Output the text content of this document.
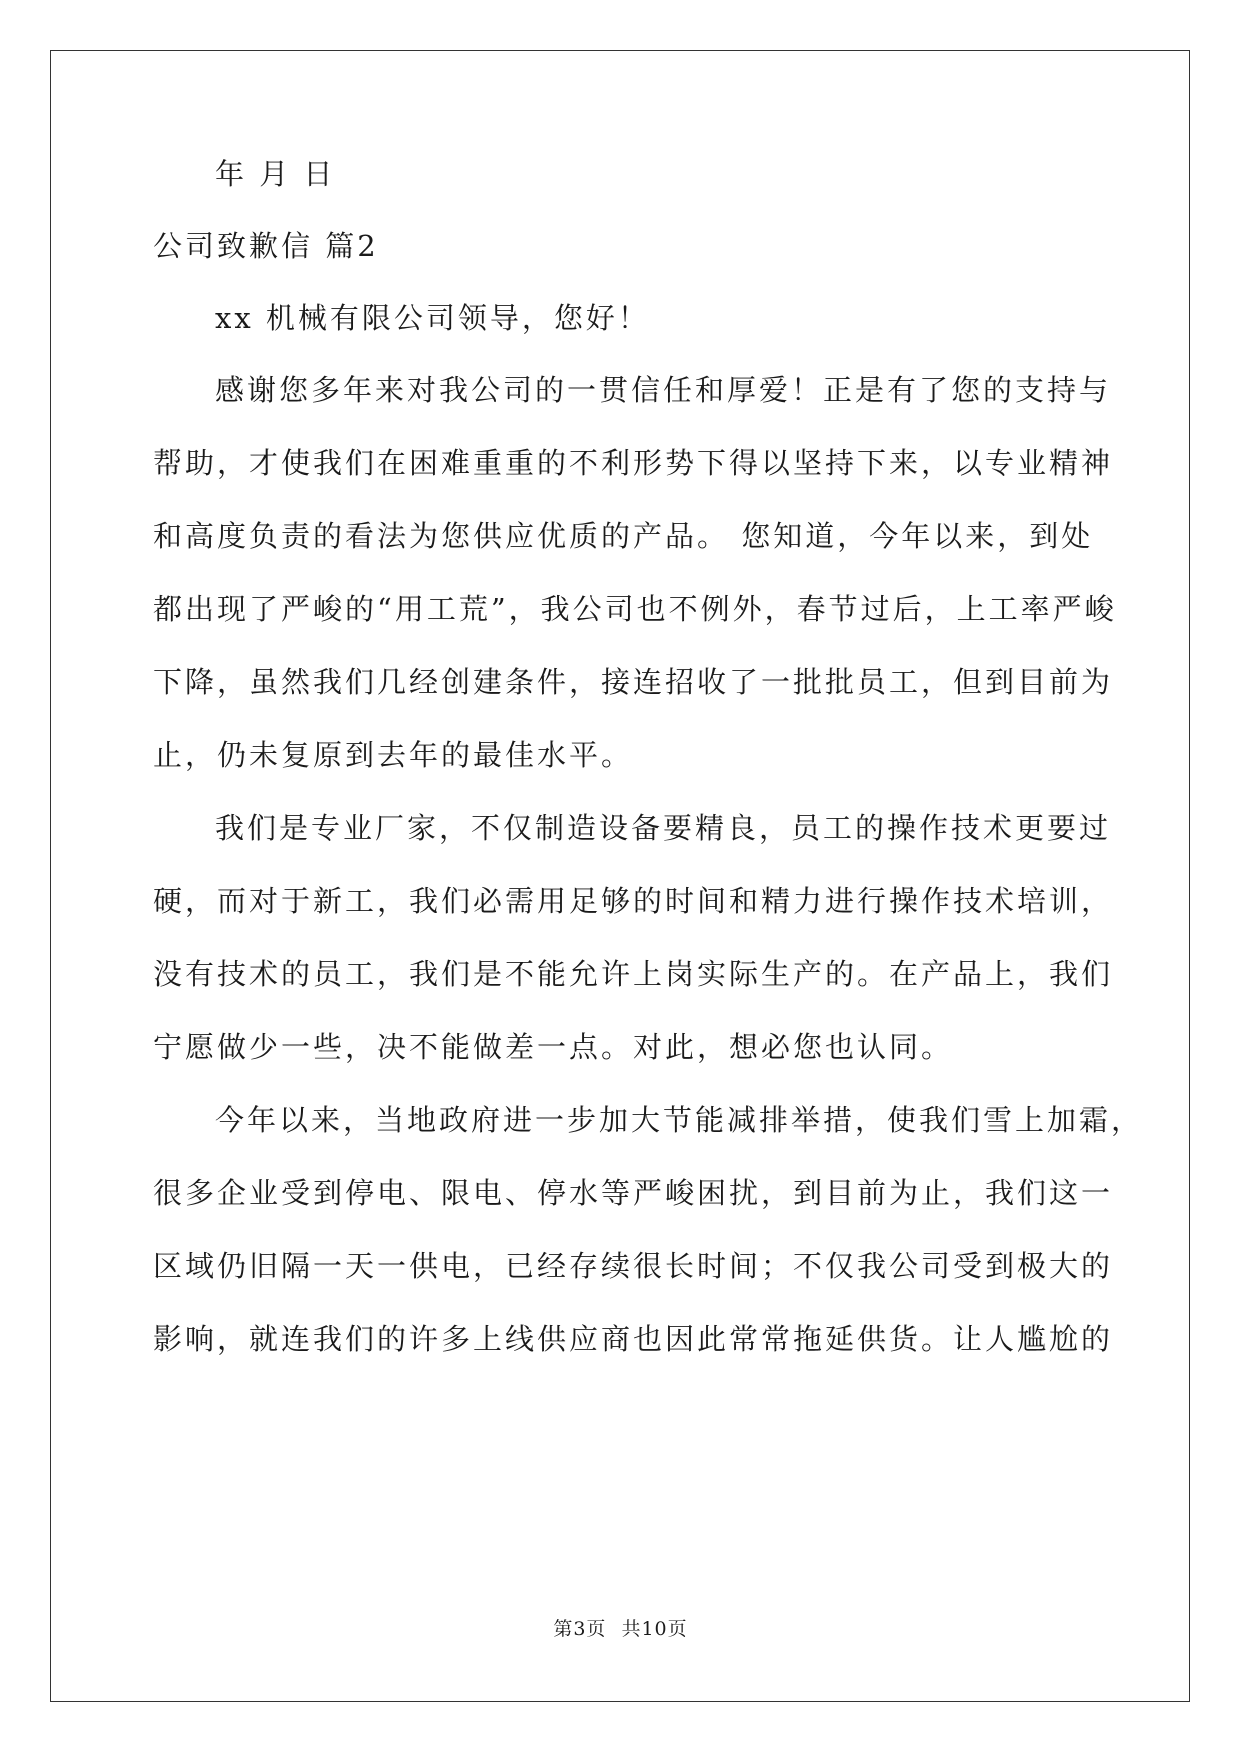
年 月 日
公司致歉信 篇2
xx 机械有限公司领导，您好！
感谢您多年来对我公司的一贯信任和厚爱！正是有了您的支持与
帮助，才使我们在困难重重的不利形势下得以坚持下来，以专业精神
和高度负责的看法为您供应优质的产品。 您知道，今年以来，到处
都出现了严峻的“用工荒”，我公司也不例外，春节过后，上工率严峻
下降，虽然我们几经创建条件，接连招收了一批批员工，但到目前为
止，仍未复原到去年的最佳水平。
我们是专业厂家，不仅制造设备要精良，员工的操作技术更要过
硬，而对于新工，我们必需用足够的时间和精力进行操作技术培训，
没有技术的员工，我们是不能允许上岗实际生产的。在产品上，我们
宁愿做少一些，决不能做差一点。对此，想必您也认同。
今年以来，当地政府进一步加大节能减排举措，使我们雪上加霜，
很多企业受到停电、限电、停水等严峻困扰，到目前为止，我们这一
区域仍旧隔一天一供电，已经存续很长时间；不仅我公司受到极大的
影响，就连我们的许多上线供应商也因此常常拖延供货。让人尴尬的
第3页 共10页
